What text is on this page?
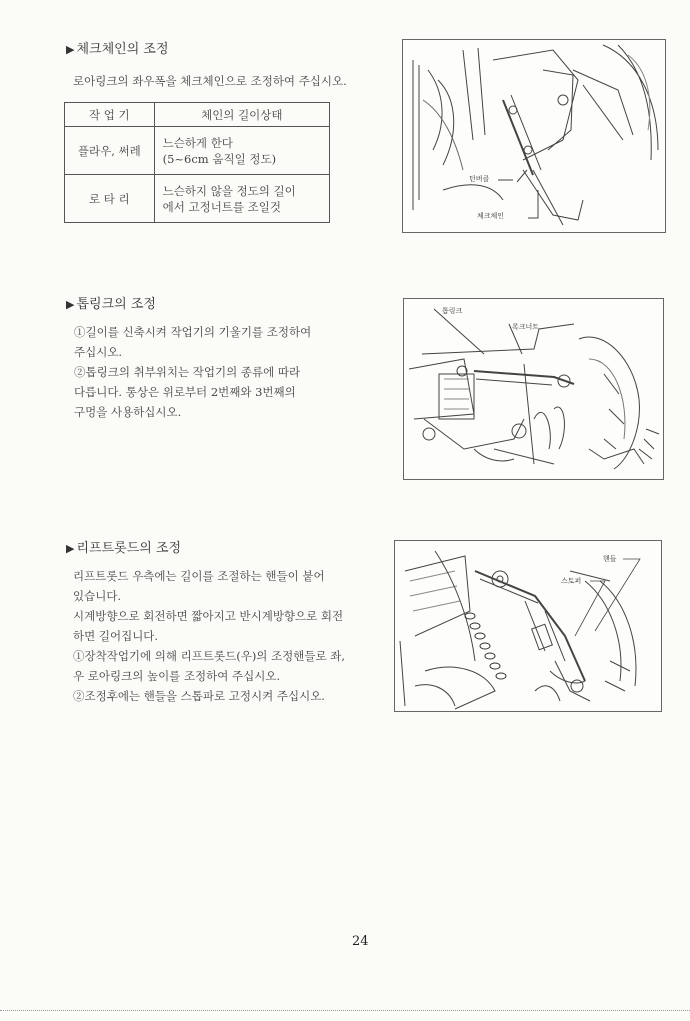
▶ 체크체인의 조정

로아링크의 좌우폭을 체크체인으로 조정하여 주십시오.

작 업 기	체인의 길이상태
플라우, 써레	느슨하게 한다
(5~6cm 움직일 정도)

로 타 리	느슨하지 않을 정도의 길이
에서 고정너트를 조일것
턴버클
체크체인
▶ 톱링크의 조정

①길이를 신축시켜 작업기의 기울기를 조정하여

주십시오.

②톱링크의 취부위치는 작업기의 종류에 따라

다릅니다. 통상은 위로부터 2번째와 3번째의

구멍을 사용하십시오.

톱링크
록크너트
▶ 리프트롯드의 조정

리프트롯드 우측에는 길이를 조절하는 핸들이 붙어

있습니다.

시계방향으로 회전하면 짧아지고 반시계방향으로 회전

하면 길어집니다.

①장착작업기에 의해 리프트롯드(우)의 조정핸들로 좌,

우 로아링크의 높이를 조정하여 주십시오.

②조정후에는 핸들을 스톱파로 고정시켜 주십시오.

핸들
스토퍼
24
